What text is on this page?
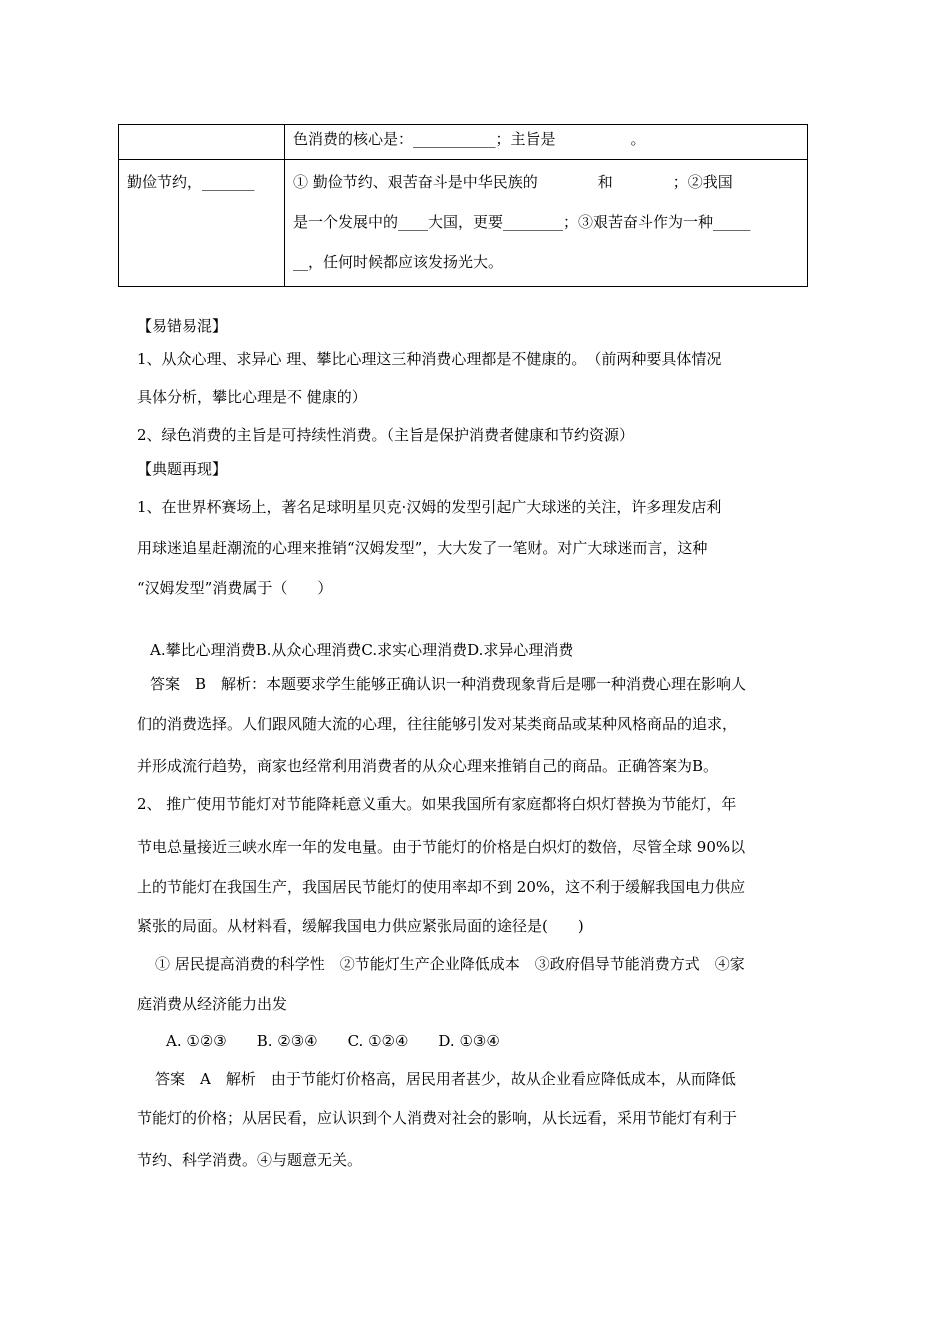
	色消费的核心是：___________；主旨是　　　　　。

勤俭节约，_______	① 勤俭节约、艰苦奋斗是中华民族的　　　　和　　　　；②我国
是一个发展中的____大国，更要________；③艰苦奋斗作为一种_____
__，任何时候都应该发扬光大。
【易错易混】
1、从众心理、求异心 理、攀比心理这三种消费心理都是不健康的。　（前两种要具体情况
具体分析，攀比心理是不 健康的）
2、绿色消费的主旨是可持续性消费。（主旨是保护消费者健康和节约资源）
【典题再现】
1、在世界杯赛场上，著名足球明星贝克·汉姆的发型引起广大球迷的关注，许多理发店利
用球迷追星赶潮流的心理来推销“汉姆发型”，大大发了一笔财。对广大球迷而言，这种
“汉姆发型”消费属于（　　）
A.攀比心理消费B.从众心理消费C.求实心理消费D.求异心理消费
答案　B　解析：本题要求学生能够正确认识一种消费现象背后是哪一种消费心理在影响人
们的消费选择。人们跟风随大流的心理，往往能够引发对某类商品或某种风格商品的追求，
并形成流行趋势，商家也经常利用消费者的从众心理来推销自己的商品。正确答案为B。
2、 推广使用节能灯对节能降耗意义重大。如果我国所有家庭都将白炽灯替换为节能灯，年
节电总量接近三峡水库一年的发电量。由于节能灯的价格是白炽灯的数倍，尽管全球 90%以
上的节能灯在我国生产，我国居民节能灯的使用率却不到 20%，这不利于缓解我国电力供应
紧张的局面。从材料看，缓解我国电力供应紧张局面的途径是(　　)
① 居民提高消费的科学性　②节能灯生产企业降低成本　③政府倡导节能消费方式　④家
庭消费从经济能力出发
A. ①②③　　B. ②③④　　C. ①②④　　D. ①③④
答案　A　解析　由于节能灯价格高，居民用者甚少，故从企业看应降低成本，从而降低
节能灯的价格；从居民看，应认识到个人消费对社会的影响，从长远看，采用节能灯有利于
节约、科学消费。④与题意无关。
